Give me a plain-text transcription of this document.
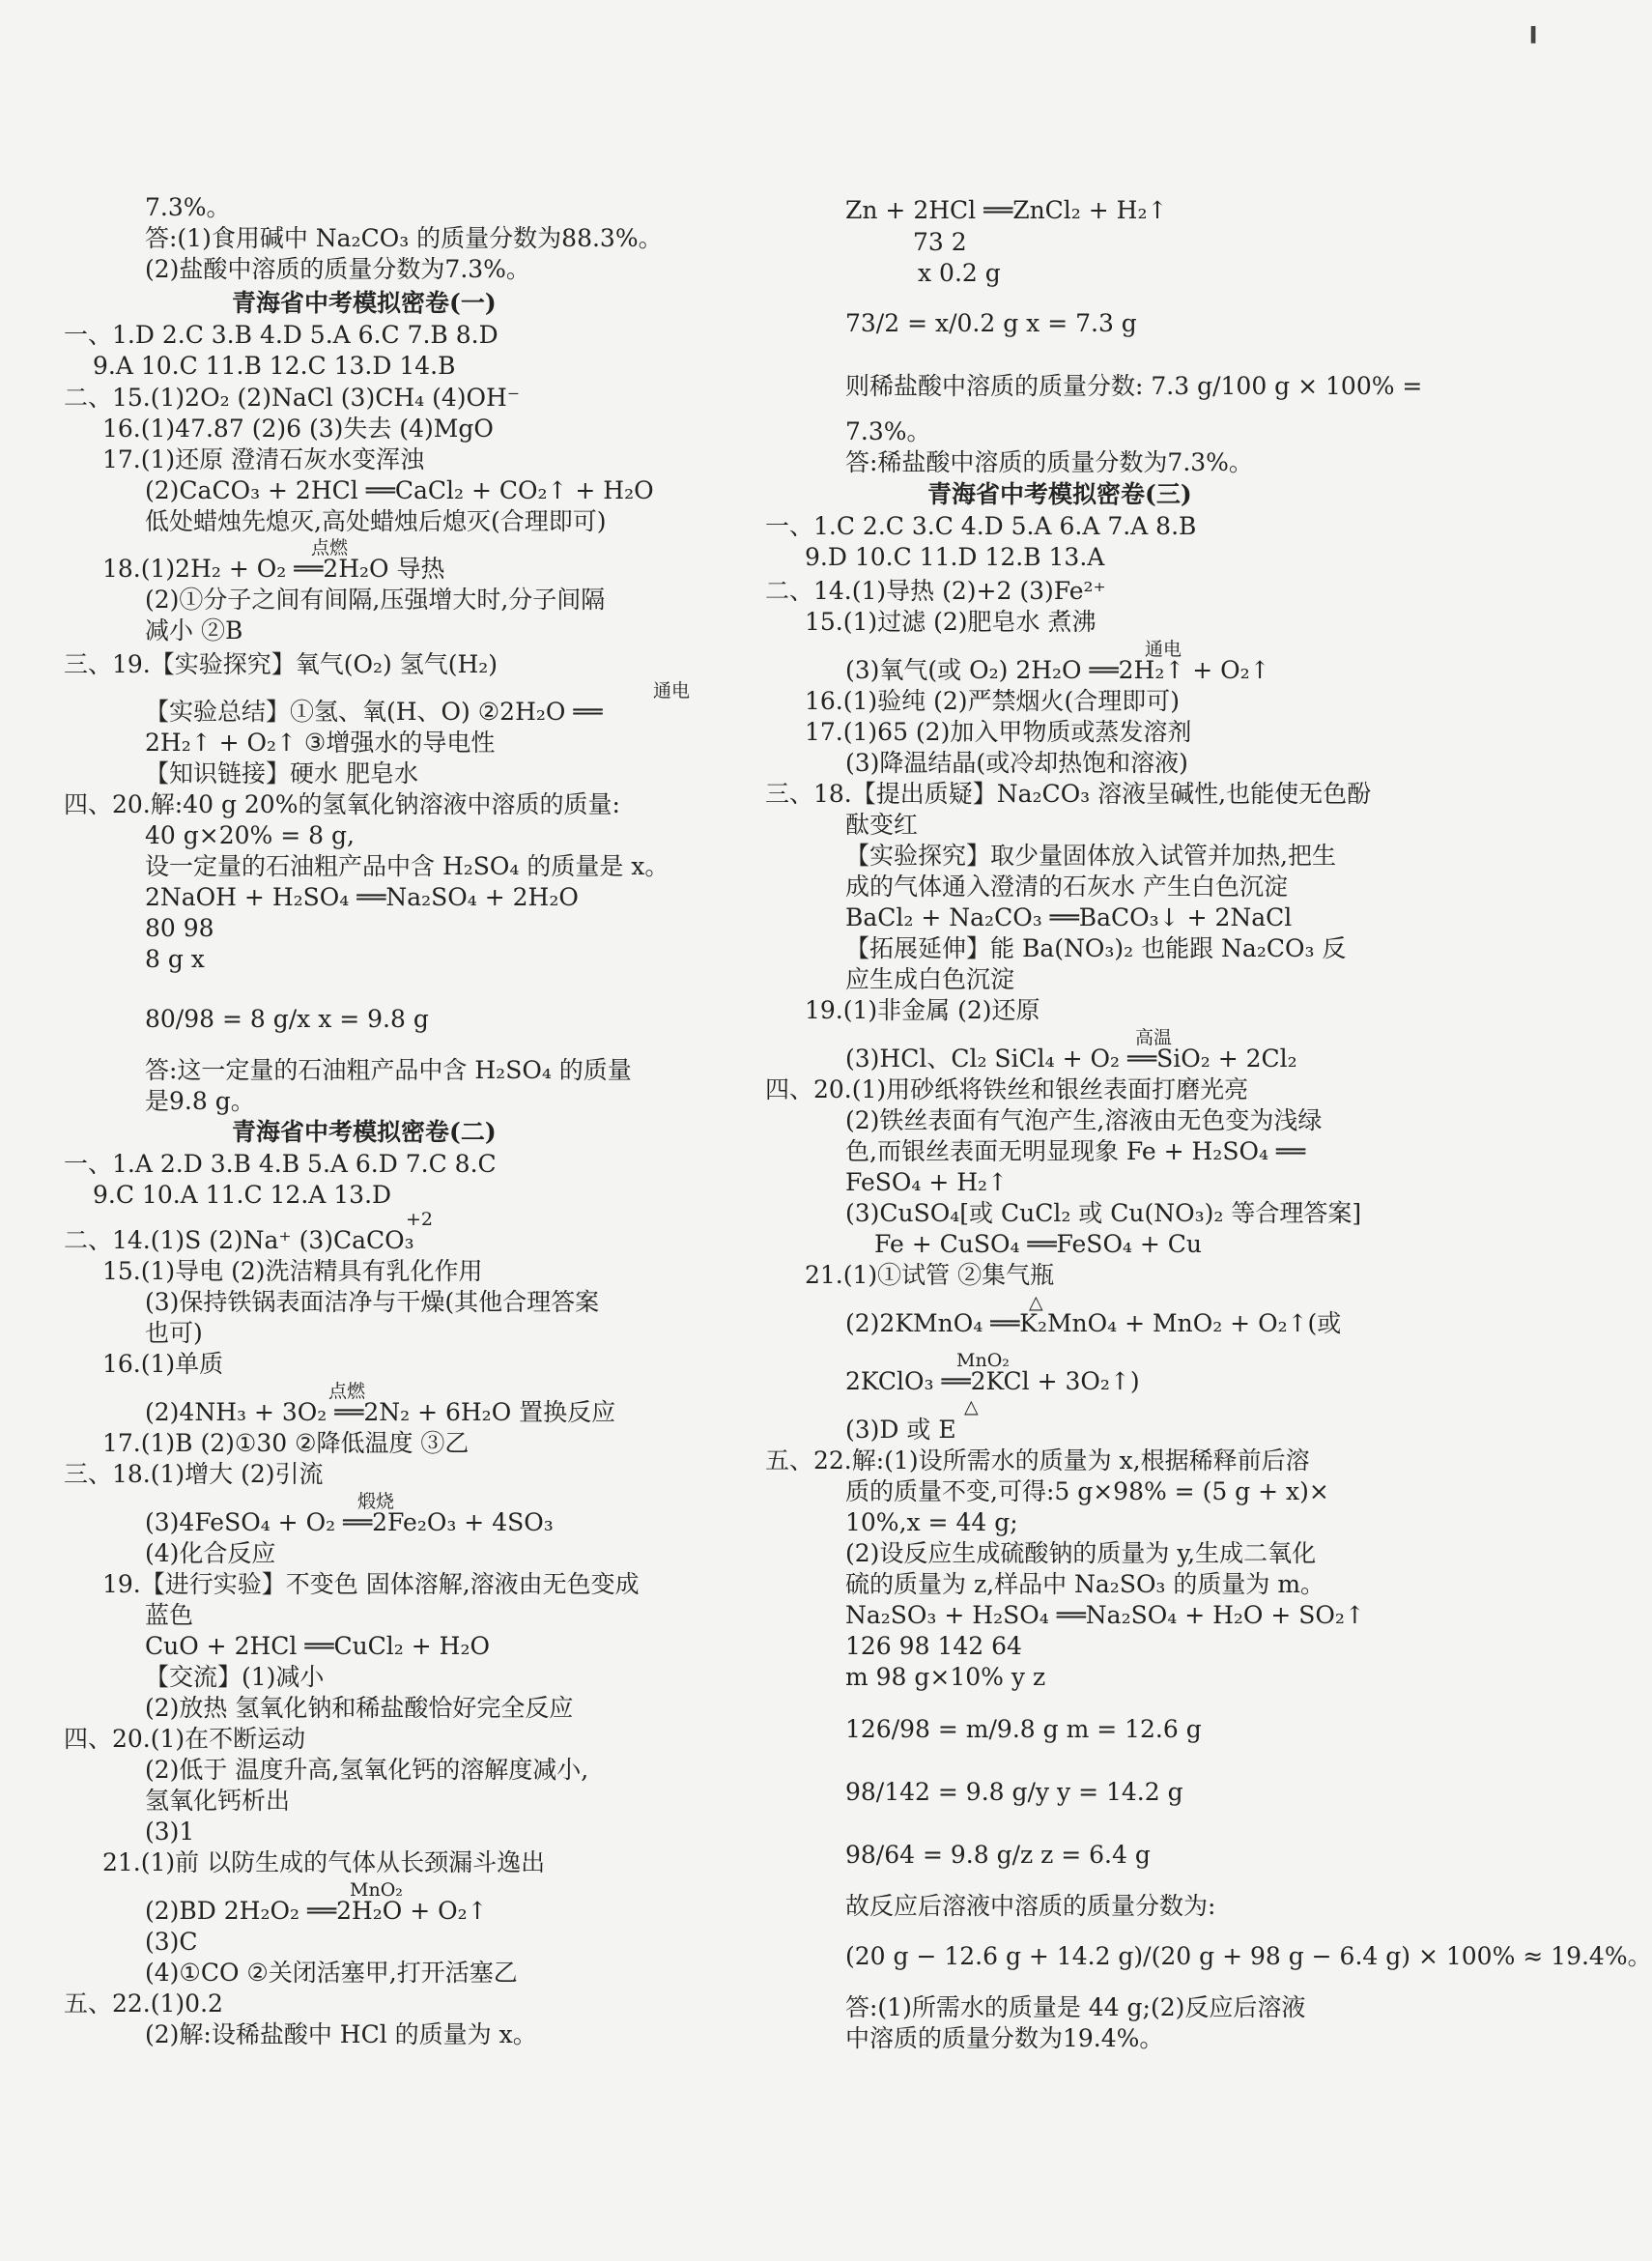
7.3%。
答:(1)食用碱中 Na₂CO₃ 的质量分数为88.3%。
(2)盐酸中溶质的质量分数为7.3%。
青海省中考模拟密卷(一)
一、1.D 2.C 3.B 4.D 5.A 6.C 7.B 8.D
9.A 10.C 11.B 12.C 13.D 14.B
二、15.(1)2O₂ (2)NaCl (3)CH₄ (4)OH⁻
16.(1)47.87 (2)6 (3)失去 (4)MgO
17.(1)还原 澄清石灰水变浑浊
(2)CaCO₃ + 2HCl ══CaCl₂ + CO₂↑ + H₂O
低处蜡烛先熄灭,高处蜡烛后熄灭(合理即可)
18.(1)2H₂ + O₂ ══2H₂O 导热
点燃
(2)①分子之间有间隔,压强增大时,分子间隔
减小 ②B
三、19.【实验探究】氧气(O₂) 氢气(H₂)
【实验总结】①氢、氧(H、O) ②2H₂O ══
通电
2H₂↑ + O₂↑ ③增强水的导电性
【知识链接】硬水 肥皂水
四、20.解:40 g 20%的氢氧化钠溶液中溶质的质量:
40 g×20% = 8 g,
设一定量的石油粗产品中含 H₂SO₄ 的质量是 x。
2NaOH + H₂SO₄ ══Na₂SO₄ + 2H₂O
80 98
8 g x
80/98 = 8 g/x x = 9.8 g
答:这一定量的石油粗产品中含 H₂SO₄ 的质量
是9.8 g。
青海省中考模拟密卷(二)
一、1.A 2.D 3.B 4.B 5.A 6.D 7.C 8.C
9.C 10.A 11.C 12.A 13.D
二、14.(1)S (2)Na⁺ (3)CaCO₃
+2
15.(1)导电 (2)洗洁精具有乳化作用
(3)保持铁锅表面洁净与干燥(其他合理答案
也可)
16.(1)单质
(2)4NH₃ + 3O₂ ══2N₂ + 6H₂O 置换反应
点燃
17.(1)B (2)①30 ②降低温度 ③乙
三、18.(1)增大 (2)引流
(3)4FeSO₄ + O₂ ══2Fe₂O₃ + 4SO₃
煅烧
(4)化合反应
19.【进行实验】不变色 固体溶解,溶液由无色变成
蓝色
CuO + 2HCl ══CuCl₂ + H₂O
【交流】(1)减小
(2)放热 氢氧化钠和稀盐酸恰好完全反应
四、20.(1)在不断运动
(2)低于 温度升高,氢氧化钙的溶解度减小,
氢氧化钙析出
(3)1
21.(1)前 以防生成的气体从长颈漏斗逸出
(2)BD 2H₂O₂ ══2H₂O + O₂↑
MnO₂
(3)C
(4)①CO ②关闭活塞甲,打开活塞乙
五、22.(1)0.2
(2)解:设稀盐酸中 HCl 的质量为 x。
Zn + 2HCl ══ZnCl₂ + H₂↑
73 2
x 0.2 g
73/2 = x/0.2 g x = 7.3 g
则稀盐酸中溶质的质量分数: 7.3 g/100 g × 100% =
7.3%。
答:稀盐酸中溶质的质量分数为7.3%。
青海省中考模拟密卷(三)
一、1.C 2.C 3.C 4.D 5.A 6.A 7.A 8.B
9.D 10.C 11.D 12.B 13.A
二、14.(1)导热 (2)+2 (3)Fe²⁺
15.(1)过滤 (2)肥皂水 煮沸
(3)氧气(或 O₂) 2H₂O ══2H₂↑ + O₂↑
通电
16.(1)验纯 (2)严禁烟火(合理即可)
17.(1)65 (2)加入甲物质或蒸发溶剂
(3)降温结晶(或冷却热饱和溶液)
三、18.【提出质疑】Na₂CO₃ 溶液呈碱性,也能使无色酚
酞变红
【实验探究】取少量固体放入试管并加热,把生
成的气体通入澄清的石灰水 产生白色沉淀
BaCl₂ + Na₂CO₃ ══BaCO₃↓ + 2NaCl
【拓展延伸】能 Ba(NO₃)₂ 也能跟 Na₂CO₃ 反
应生成白色沉淀
19.(1)非金属 (2)还原
(3)HCl、Cl₂ SiCl₄ + O₂ ══SiO₂ + 2Cl₂
高温
四、20.(1)用砂纸将铁丝和银丝表面打磨光亮
(2)铁丝表面有气泡产生,溶液由无色变为浅绿
色,而银丝表面无明显现象 Fe + H₂SO₄ ══
FeSO₄ + H₂↑
(3)CuSO₄[或 CuCl₂ 或 Cu(NO₃)₂ 等合理答案]
Fe + CuSO₄ ══FeSO₄ + Cu
21.(1)①试管 ②集气瓶
(2)2KMnO₄ ══K₂MnO₄ + MnO₂ + O₂↑(或
△
2KClO₃ ══2KCl + 3O₂↑)
MnO₂
△
(3)D 或 E
五、22.解:(1)设所需水的质量为 x,根据稀释前后溶
质的质量不变,可得:5 g×98% = (5 g + x)×
10%,x = 44 g;
(2)设反应生成硫酸钠的质量为 y,生成二氧化
硫的质量为 z,样品中 Na₂SO₃ 的质量为 m。
Na₂SO₃ + H₂SO₄ ══Na₂SO₄ + H₂O + SO₂↑
126 98 142 64
m 98 g×10% y z
126/98 = m/9.8 g m = 12.6 g
98/142 = 9.8 g/y y = 14.2 g
98/64 = 9.8 g/z z = 6.4 g
故反应后溶液中溶质的质量分数为:
(20 g − 12.6 g + 14.2 g)/(20 g + 98 g − 6.4 g) × 100% ≈ 19.4%。
答:(1)所需水的质量是 44 g;(2)反应后溶液
中溶质的质量分数为19.4%。
╹
